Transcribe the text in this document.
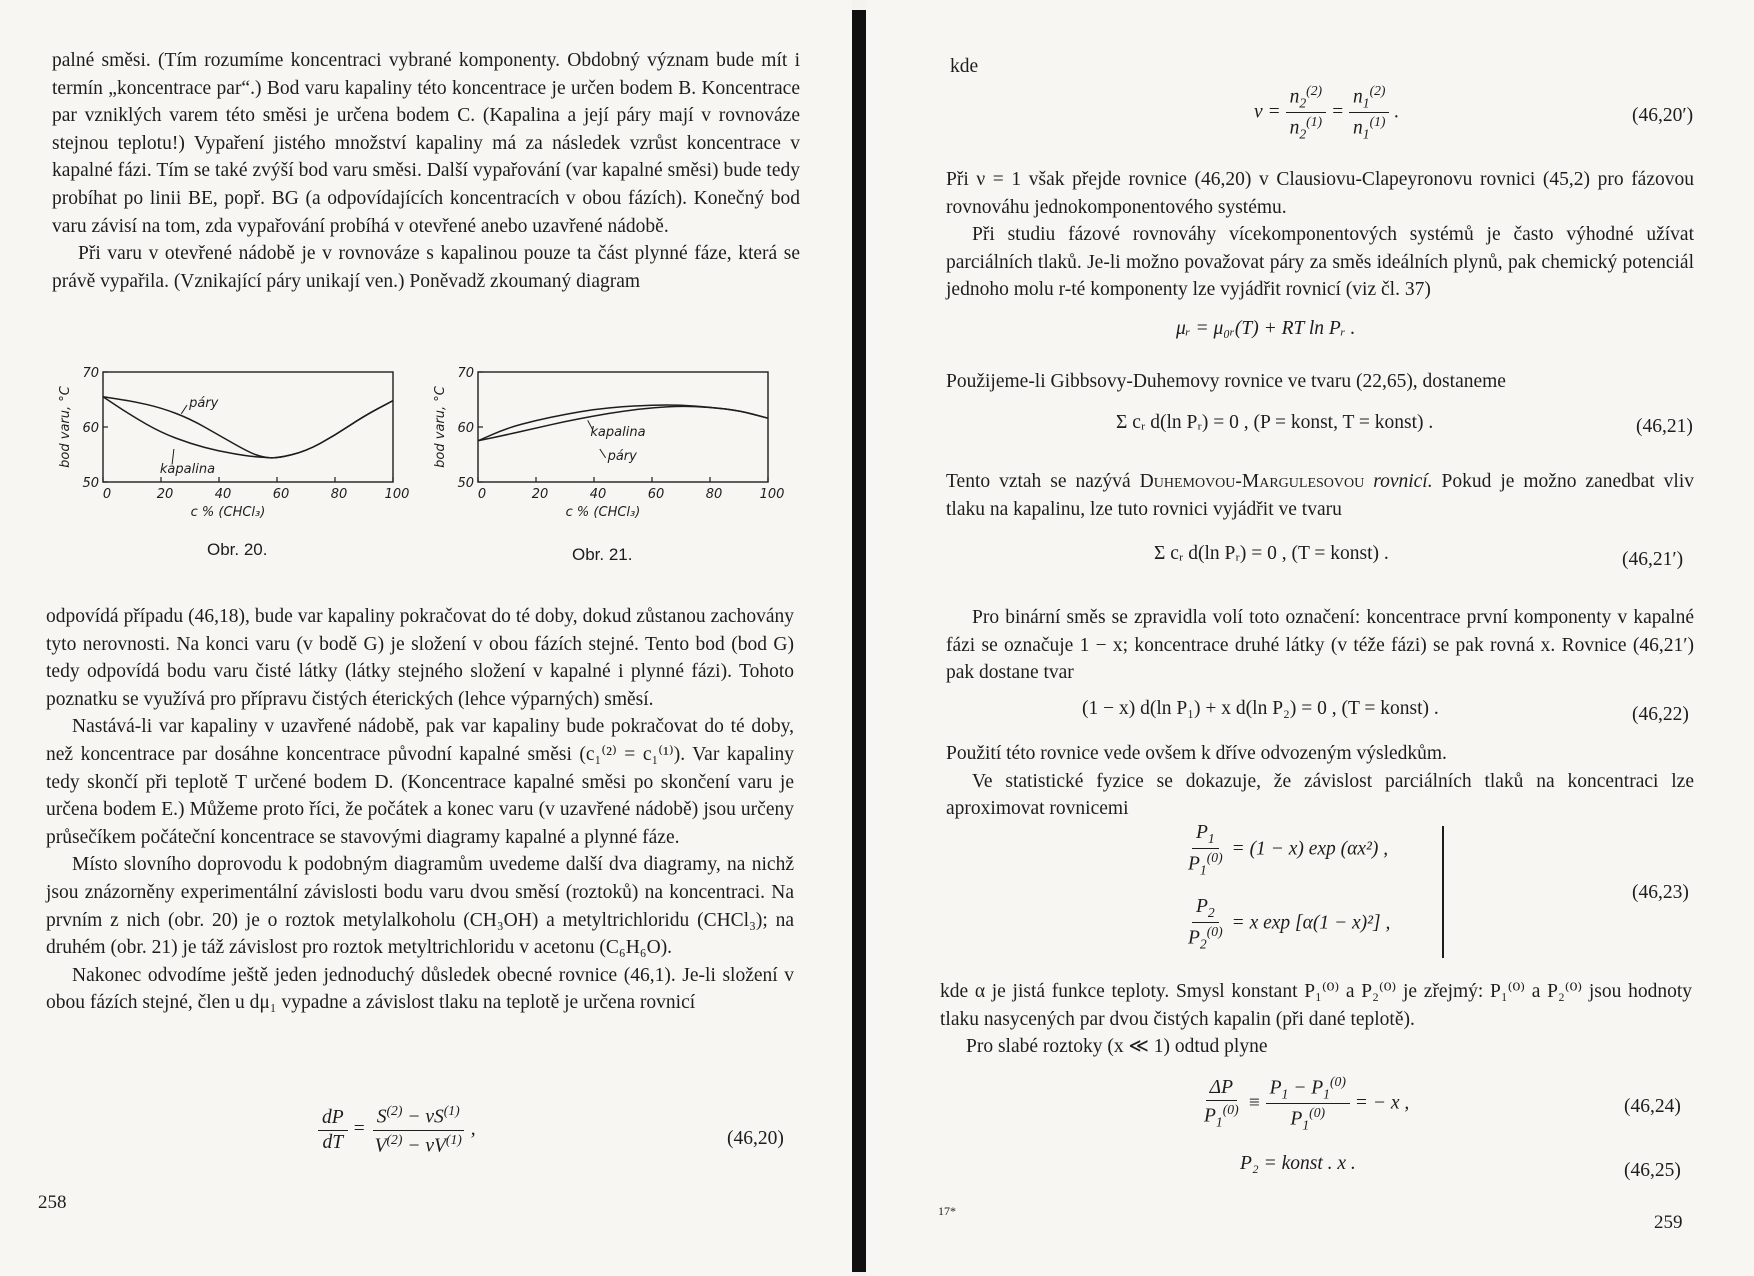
palné směsi. (Tím rozumíme koncentraci vybrané komponenty. Obdobný význam bude mít i termín „koncentrace par“.) Bod varu kapaliny této koncentrace je určen bodem B. Koncentrace par vzniklých varem této směsi je určena bodem C. (Kapalina a její páry mají v rovnováze stejnou teplotu!) Vypaření jistého množství kapaliny má za následek vzrůst koncentrace v kapalné fázi. Tím se také zvýší bod varu směsi. Další vypařování (var kapalné směsi) bude tedy probíhat po linii BE, popř. BG (a odpovídajících koncentracích v obou fázích). Konečný bod varu závisí na tom, zda vypařování probíhá v otevřené anebo uzavřené nádobě.

Při varu v otevřené nádobě je v rovnováze s kapalinou pouze ta část plynné fáze, která se právě vypařila. (Vznikající páry unikají ven.) Poněvadž zkoumaný diagram

0	20	40	60	80	100
50
60
70
c % (CHCl₃)
bod varu, °C	páry
kapalina
Obr. 20.
0	20	40	60	80	100
50
60
70
c % (CHCl₃)
bod varu, °C	páry
kapalina
Obr. 21.

odpovídá případu (46,18), bude var kapaliny pokračovat do té doby, dokud zůstanou zachovány tyto nerovnosti. Na konci varu (v bodě G) je složení v obou fázích stejné. Tento bod (bod G) tedy odpovídá bodu varu čisté látky (látky stejného složení v kapalné i plynné fázi). Tohoto poznatku se využívá pro přípravu čistých éterických (lehce výparných) směsí.

Nastává-li var kapaliny v uzavřené nádobě, pak var kapaliny bude pokračovat do té doby, než koncentrace par dosáhne koncentrace původní kapalné směsi (c₁⁽²⁾ = c₁⁽¹⁾). Var kapaliny tedy skončí při teplotě T určené bodem D. (Koncentrace kapalné směsi po skončení varu je určena bodem E.) Můžeme proto říci, že počátek a konec varu (v uzavřené nádobě) jsou určeny průsečíkem počáteční koncentrace se stavovými diagramy kapalné a plynné fáze.

Místo slovního doprovodu k podobným diagramům uvedeme další dva diagramy, na nichž jsou znázorněny experimentální závislosti bodu varu dvou směsí (roztoků) na koncentraci. Na prvním z nich (obr. 20) je o roztok metylalkoholu (CH₃OH) a metyltrichloridu (CHCl₃); na druhém (obr. 21) je táž závislost pro roztok metyltrichloridu v acetonu (C₆H₆O).

Nakonec odvodíme ještě jeden jednoduchý důsledek obecné rovnice (46,1). Je-li složení v obou fázích stejné, člen u dμ₁ vypadne a závislost tlaku na teplotě je určena rovnicí

$\frac{dP}{dT} = \frac{S^{(2)} - \nu S^{(1)}}{V^{(2)} - \nu V^{(1)}}$ ,	(46,20)
258
kde
$\nu = \frac{n_2^{(2)}}{n_2^{(1)}} = \frac{n_1^{(2)}}{n_1^{(1)}}$ .	(46,20′)

Při ν = 1 však přejde rovnice (46,20) v Clausiovu-Clapeyronovu rovnici (45,2) pro fázovou rovnováhu jednokomponentového systému.

Při studiu fázové rovnováhy vícekomponentových systémů je často výhodné užívat parciálních tlaků. Je-li možno považovat páry za směs ideálních plynů, pak chemický potenciál jednoho molu r-té komponenty lze vyjádřit rovnicí (viz čl. 37)

μᵣ = μ₀ᵣ(T) + RT ln Pᵣ .
Použijeme-li Gibbsovy-Duhemovy rovnice ve tvaru (22,65), dostaneme
Σ cᵣ d(ln Pᵣ) = 0 , (P = konst, T = konst) .	(46,21)
Tento vztah se nazývá Duhemovou-Margulesovou rovnicí. Pokud je možno zanedbat vliv tlaku na kapalinu, lze tuto rovnici vyjádřit ve tvaru
Σ cᵣ d(ln Pᵣ) = 0 , (T = konst) .	(46,21′)
Pro binární směs se zpravidla volí toto označení: koncentrace první komponenty v kapalné fázi se označuje 1 − x; koncentrace druhé látky (v téže fázi) se pak rovná x. Rovnice (46,21′) pak dostane tvar
(1 − x) d(ln P₁) + x d(ln P₂) = 0 , (T = konst) .	(46,22)

Použití této rovnice vede ovšem k dříve odvozeným výsledkům.

Ve statistické fyzice se dokazuje, že závislost parciálních tlaků na koncentraci lze aproximovat rovnicemi

$\frac{P_1}{P_1^{(0)}} = (1 - x)$ exp (αx²) ,
$\frac{P_2}{P_2^{(0)}} = x$ exp [α(1 − x)²] ,
(46,23)

kde α je jistá funkce teploty. Smysl konstant P₁⁽⁰⁾ a P₂⁽⁰⁾ je zřejmý: P₁⁽⁰⁾ a P₂⁽⁰⁾ jsou hodnoty tlaku nasycených par dvou čistých kapalin (při dané teplotě).

Pro slabé roztoky (x ≪ 1) odtud plyne

$\frac{\Delta P}{P_1^{(0)}} \equiv \frac{P_1 - P_1^{(0)}}{P_1^{(0)}}$ = − x ,	(46,24)
P₂ = konst . x .	(46,25)
17*
259
